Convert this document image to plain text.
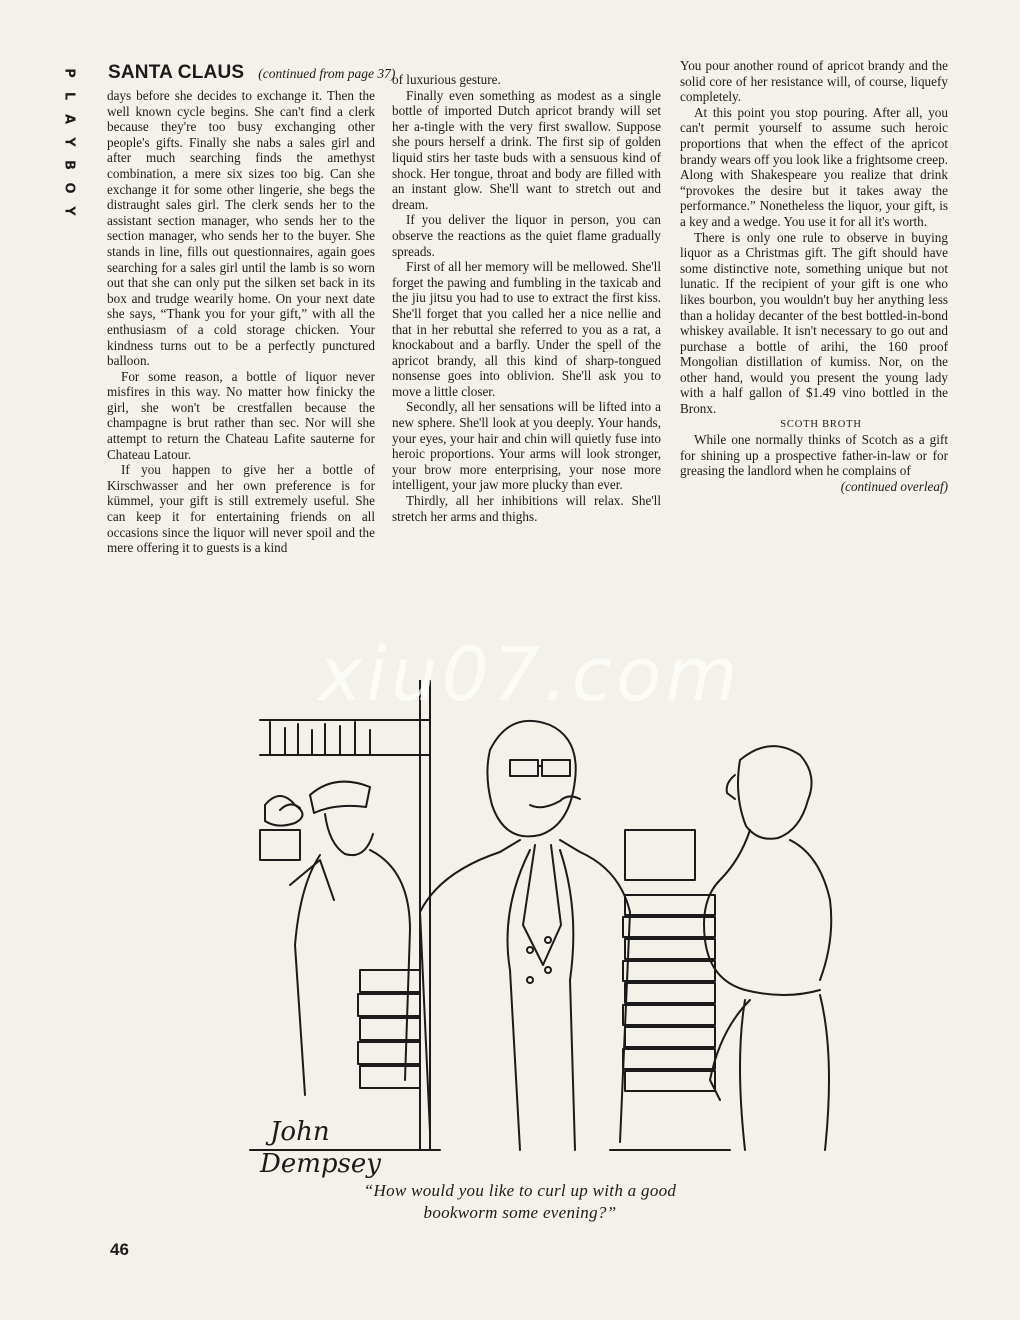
P
L
A
Y
B
O
Y
SANTA CLAUS (continued from page 37)

days before she decides to exchange it. Then the well known cycle begins. She can't find a clerk because they're too busy exchanging other people's gifts. Finally she nabs a sales girl and after much searching finds the amethyst combination, a mere six sizes too big. Can she exchange it for some other lingerie, she begs the distraught sales girl. The clerk sends her to the assistant section manager, who sends her to the section manager, who sends her to the buyer. She stands in line, fills out questionnaires, again goes searching for a sales girl until the lamb is so worn out that she can only put the silken set back in its box and trudge wearily home. On your next date she says, “Thank you for your gift,” with all the enthusiasm of a cold storage chicken. Your kindness turns out to be a perfectly punctured balloon.

For some reason, a bottle of liquor never misfires in this way. No matter how finicky the girl, she won't be crestfallen because the champagne is brut rather than sec. Nor will she attempt to return the Chateau Lafite sauterne for Chateau Latour.

If you happen to give her a bottle of Kirschwasser and her own preference is for kümmel, your gift is still extremely useful. She can keep it for entertaining friends on all occasions since the liquor will never spoil and the mere offering it to guests is a kind

of luxurious gesture.

Finally even something as modest as a single bottle of imported Dutch apricot brandy will set her a-tingle with the very first swallow. Suppose she pours herself a drink. The first sip of golden liquid stirs her taste buds with a sensuous kind of shock. Her tongue, throat and body are filled with an instant glow. She'll want to stretch out and dream.

If you deliver the liquor in person, you can observe the reactions as the quiet flame gradually spreads.

First of all her memory will be mellowed. She'll forget the pawing and fumbling in the taxicab and the jiu jitsu you had to use to extract the first kiss. She'll forget that you called her a nice nellie and that in her rebuttal she referred to you as a rat, a knockabout and a barfly. Under the spell of the apricot brandy, all this kind of sharp-tongued nonsense goes into oblivion. She'll ask you to move a little closer.

Secondly, all her sensations will be lifted into a new sphere. She'll look at you deeply. Your hands, your eyes, your hair and chin will quietly fuse into heroic proportions. Your arms will look stronger, your brow more enterprising, your nose more intelligent, your jaw more plucky than ever.

Thirdly, all her inhibitions will relax. She'll stretch her arms and thighs.

You pour another round of apricot brandy and the solid core of her resistance will, of course, liquefy completely.

At this point you stop pouring. After all, you can't permit yourself to assume such heroic proportions that when the effect of the apricot brandy wears off you look like a frightsome creep. Along with Shakespeare you realize that drink “provokes the desire but it takes away the performance.” Nonetheless the liquor, your gift, is a key and a wedge. You use it for all it's worth.

There is only one rule to observe in buying liquor as a Christmas gift. The gift should have some distinctive note, something unique but not lunatic. If the recipient of your gift is one who likes bourbon, you wouldn't buy her anything less than a holiday decanter of the best bottled-in-bond whiskey available. It isn't necessary to go out and purchase a bottle of arihi, the 160 proof Mongolian distillation of kumiss. Nor, on the other hand, would you present the young lady with a half gallon of $1.49 vino bottled in the Bronx.

SCOTH BROTH

While one normally thinks of Scotch as a gift for shining up a prospective father-in-law or for greasing the landlord when he complains of

(continued overleaf)

John
Dempsey
xiu07.com
“How would you like to curl up with a good
bookworm some evening?”
46
